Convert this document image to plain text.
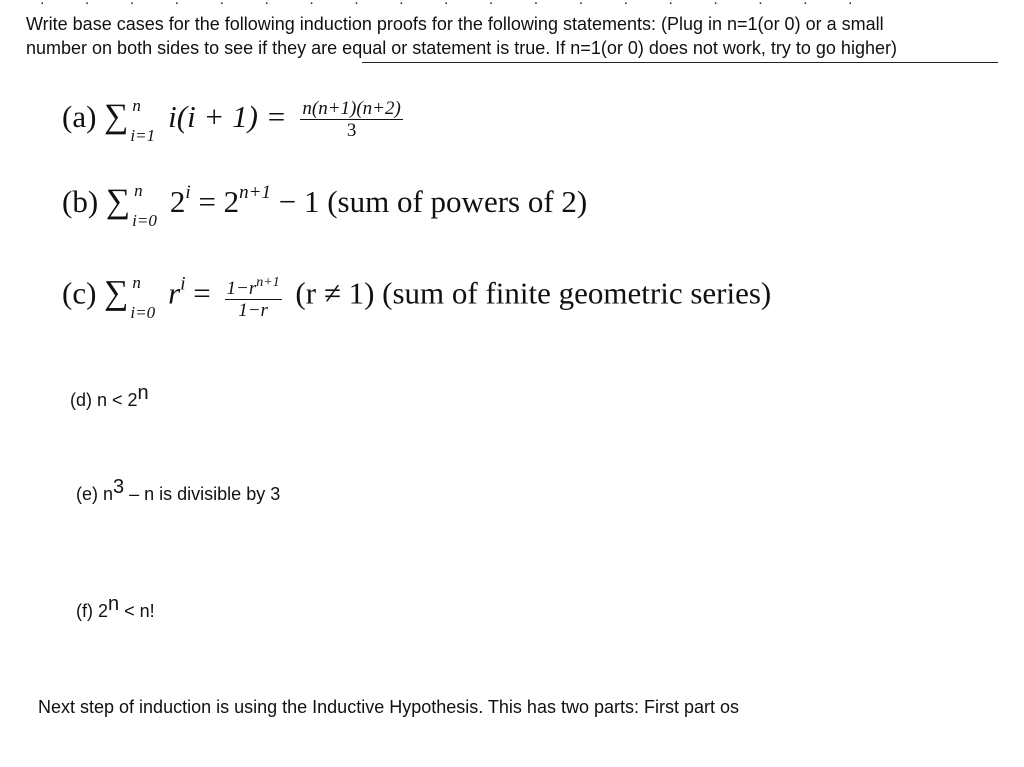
Write base cases for the following induction proofs for the following statements: (Plug in n=1(or 0) or a small
number on both sides to see if they are equal or statement is true. If n=1(or 0) does not work, try to go higher)
(a) ∑ n
i=1
$i(i + 1) = \frac{n(n+1)(n+2)}{3}$
(b) ∑ n
i=0
$2^i = 2^{n+1} - 1$ (sum of powers of 2)
(c) ∑ n
i=0
$r^i = \frac{1-r^{n+1}}{1-r} (r \ne 1)$ (sum of finite geometric series)
(d) n < 2n
(e) n3 – n is divisible by 3
(f) 2n < n!
Next step of induction is using the Inductive Hypothesis. This has two parts: First part os
